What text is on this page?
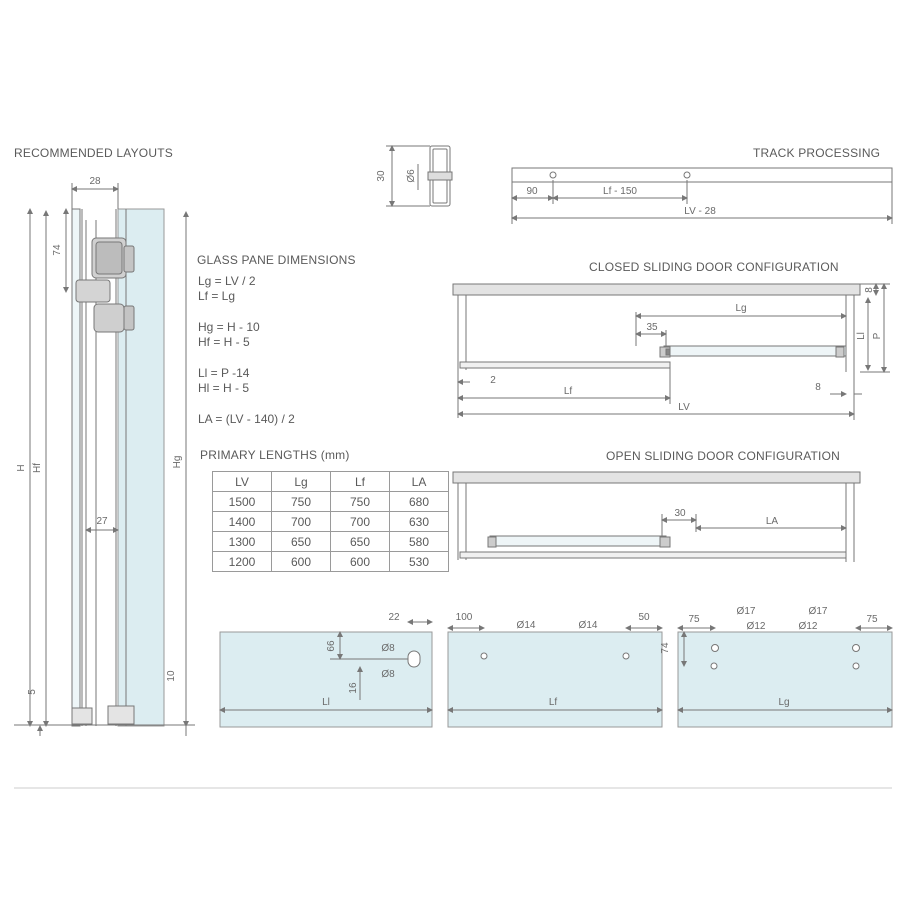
RECOMMENDED LAYOUTS	TRACK PROCESSING
GLASS PANE DIMENSIONS	CLOSED SLIDING DOOR CONFIGURATION
OPEN SLIDING DOOR CONFIGURATION
PRIMARY LENGTHS (mm)
Lg = LV / 2
Lf = Lg
Hg = H - 10
Hf = H - 5
Ll = P -14
Hl = H - 5
LA = (LV - 140) / 2
LV	Lg	Lf	LA
1500	750	750	680
1400	700	700	630
1300	650	650	580
1200	600	600	530
28
74
H Hf	Hg
27
5
10
30 Ø6
90	Lf - 150
LV - 28
Lg
35
2
Lf	8
LV
8
Ll P
30
LA
22
66	Ø8
Ø8
16
Ll
100
Ø14	Ø14
50
Lf
75
74
Ø17
Ø12
Ø17
Ø12
75
Lg
